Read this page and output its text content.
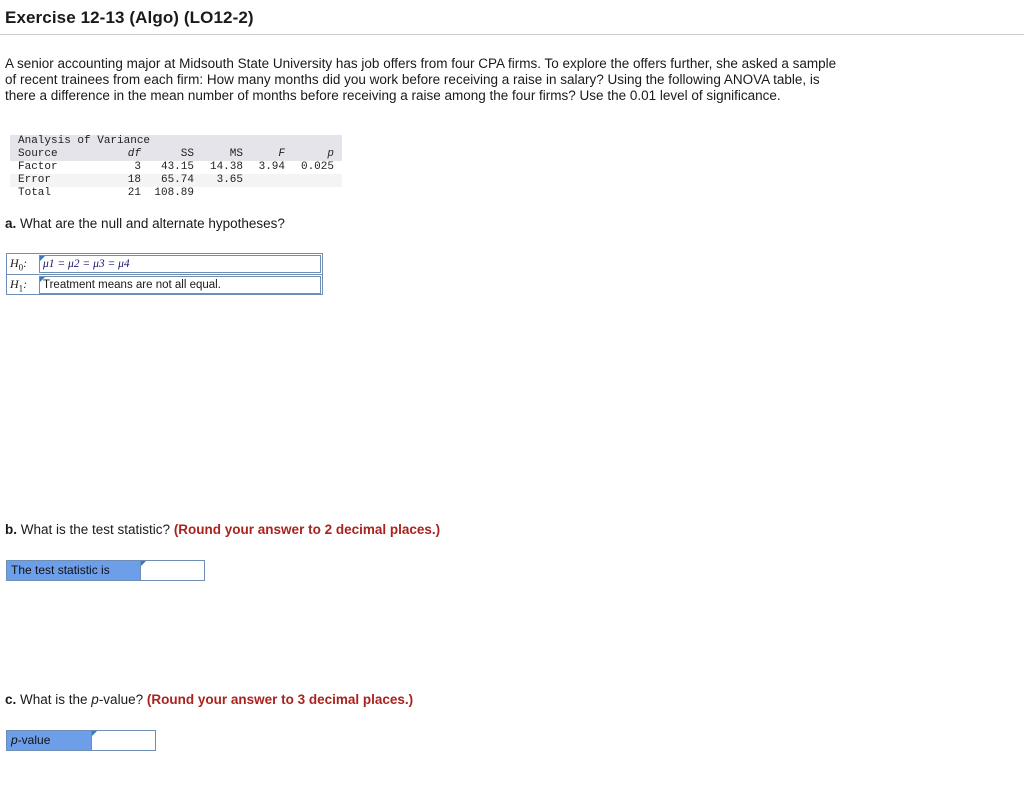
Exercise 12-13 (Algo) (LO12-2)
A senior accounting major at Midsouth State University has job offers from four CPA firms. To explore the offers further, she asked a sample of recent trainees from each firm: How many months did you work before receiving a raise in salary? Using the following ANOVA table, is there a difference in the mean number of months before receiving a raise among the four firms? Use the 0.01 level of significance.
Analysis of Variance
Source	df	SS	MS	F	p
Factor	3 43.15 14.38 3.94 0.025
Error	18 65.74 3.65
Total	21 108.89
a. What are the null and alternate hypotheses?
$H_0$:	μ1 = μ2 = μ3 = μ4
$H_1$:	Treatment means are not all equal.
b. What is the test statistic? (Round your answer to 2 decimal places.)
The test statistic is
c. What is the p-value? (Round your answer to 3 decimal places.)
p-value
